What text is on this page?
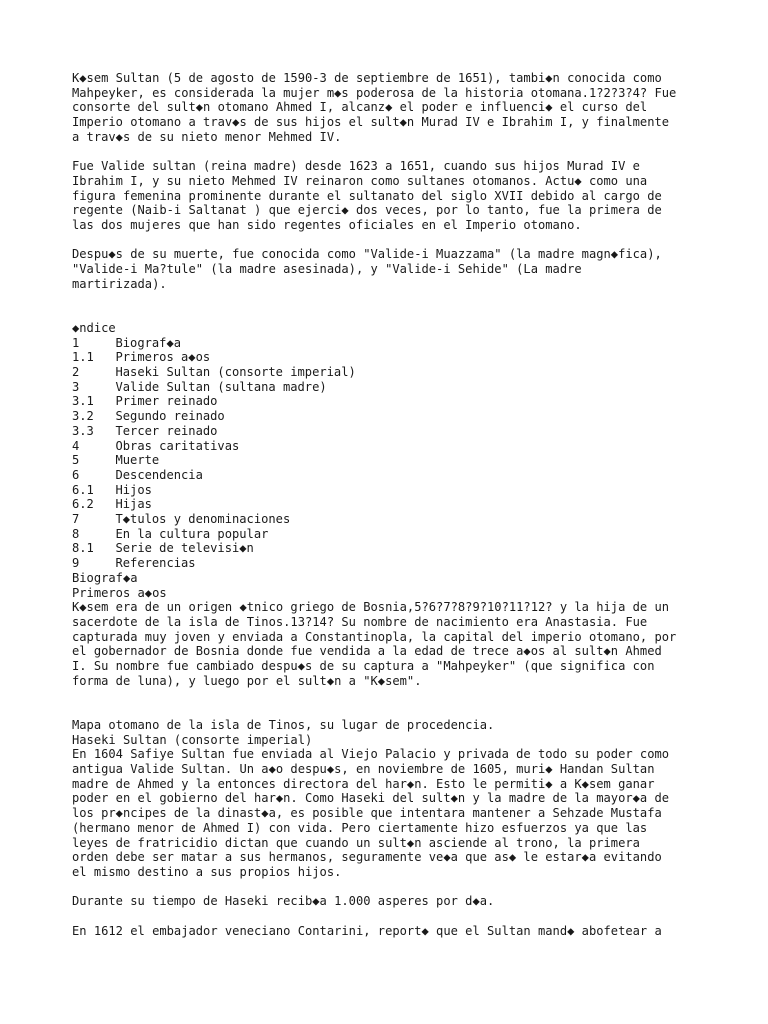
K◆sem Sultan (5 de agosto de 1590-3 de septiembre de 1651), tambi◆n conocida como
Mahpeyker, es considerada la mujer m◆s poderosa de la historia otomana.1?2?3?4? Fue
consorte del sult◆n otomano Ahmed I, alcanz◆ el poder e influenci◆ el curso del
Imperio otomano a trav◆s de sus hijos el sult◆n Murad IV e Ibrahim I, y finalmente
a trav◆s de su nieto menor Mehmed IV.
Fue Valide sultan (reina madre) desde 1623 a 1651, cuando sus hijos Murad IV e
Ibrahim I, y su nieto Mehmed IV reinaron como sultanes otomanos. Actu◆ como una
figura femenina prominente durante el sultanato del siglo XVII debido al cargo de
regente (Naib-i Saltanat ) que ejerci◆ dos veces, por lo tanto, fue la primera de
las dos mujeres que han sido regentes oficiales en el Imperio otomano.
Despu◆s de su muerte, fue conocida como "Valide-i Muazzama" (la madre magn◆fica),
"Valide-i Ma?tule" (la madre asesinada), y "Valide-i Sehide" (La madre
martirizada).
◆ndice
1	Biograf◆a
1.1	Primeros a◆os
2	Haseki Sultan (consorte imperial)
3	Valide Sultan (sultana madre)
3.1	Primer reinado
3.2	Segundo reinado
3.3	Tercer reinado
4	Obras caritativas
5	Muerte
6	Descendencia
6.1	Hijos
6.2	Hijas
7	T◆tulos y denominaciones
8	En la cultura popular
8.1	Serie de televisi◆n
9	Referencias
Biograf◆a
Primeros a◆os
K◆sem era de un origen ◆tnico griego de Bosnia,5?6?7?8?9?10?11?12? y la hija de un
sacerdote de la isla de Tinos.13?14? Su nombre de nacimiento era Anastasia. Fue
capturada muy joven y enviada a Constantinopla, la capital del imperio otomano, por
el gobernador de Bosnia donde fue vendida a la edad de trece a◆os al sult◆n Ahmed
I. Su nombre fue cambiado despu◆s de su captura a "Mahpeyker" (que significa con
forma de luna), y luego por el sult◆n a "K◆sem".
Mapa otomano de la isla de Tinos, su lugar de procedencia.
Haseki Sultan (consorte imperial)
En 1604 Safiye Sultan fue enviada al Viejo Palacio y privada de todo su poder como
antigua Valide Sultan. Un a◆o despu◆s, en noviembre de 1605, muri◆ Handan Sultan
madre de Ahmed y la entonces directora del har◆n. Esto le permiti◆ a K◆sem ganar
poder en el gobierno del har◆n. Como Haseki del sult◆n y la madre de la mayor◆a de
los pr◆ncipes de la dinast◆a, es posible que intentara mantener a Sehzade Mustafa
(hermano menor de Ahmed I) con vida. Pero ciertamente hizo esfuerzos ya que las
leyes de fratricidio dictan que cuando un sult◆n asciende al trono, la primera
orden debe ser matar a sus hermanos, seguramente ve◆a que as◆ le estar◆a evitando
el mismo destino a sus propios hijos.
Durante su tiempo de Haseki recib◆a 1.000 asperes por d◆a.
En 1612 el embajador veneciano Contarini, report◆ que el Sultan mand◆ abofetear a
